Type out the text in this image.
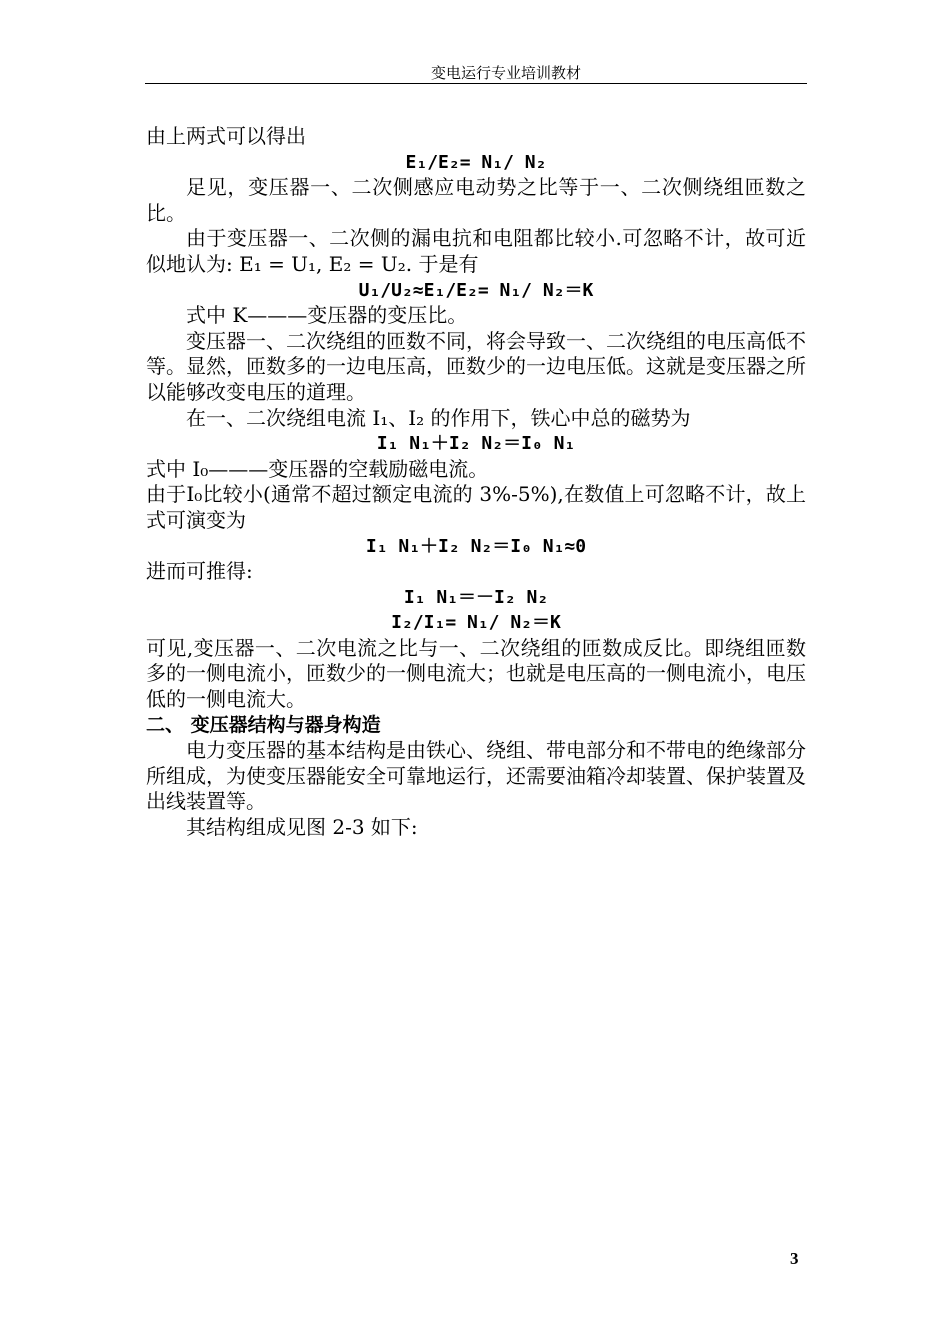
变电运行专业培训教材

由上两式可以得出

E₁/E₂= N₁/ N₂

足见，变压器一、二次侧感应电动势之比等于一、二次侧绕组匝数之比。

由于变压器一、二次侧的漏电抗和电阻都比较小.可忽略不计，故可近似地认为: E₁ = U₁, E₂ = U₂. 于是有

U₁/U₂≈E₁/E₂= N₁/ N₂＝K

式中 K———变压器的变压比。

变压器一、二次绕组的匝数不同，将会导致一、二次绕组的电压高低不等。显然，匝数多的一边电压高，匝数少的一边电压低。这就是变压器之所以能够改变电压的道理。

在一、二次绕组电流 I₁、I₂ 的作用下，铁心中总的磁势为

I₁ N₁＋I₂ N₂＝I₀ N₁

式中 I₀———变压器的空载励磁电流。

由于I₀比较小(通常不超过额定电流的 3%-5%),在数值上可忽略不计，故上式可演变为

I₁ N₁＋I₂ N₂＝I₀ N₁≈0

进而可推得:

I₁ N₁＝－I₂ N₂

I₂/I₁= N₁/ N₂＝K

可见,变压器一、二次电流之比与一、二次绕组的匝数成反比。即绕组匝数多的一侧电流小，匝数少的一侧电流大；也就是电压高的一侧电流小，电压低的一侧电流大。

二、 变压器结构与器身构造

电力变压器的基本结构是由铁心、绕组、带电部分和不带电的绝缘部分所组成，为使变压器能安全可靠地运行，还需要油箱冷却装置、保护装置及出线装置等。

其结构组成见图 2-3 如下:

3
